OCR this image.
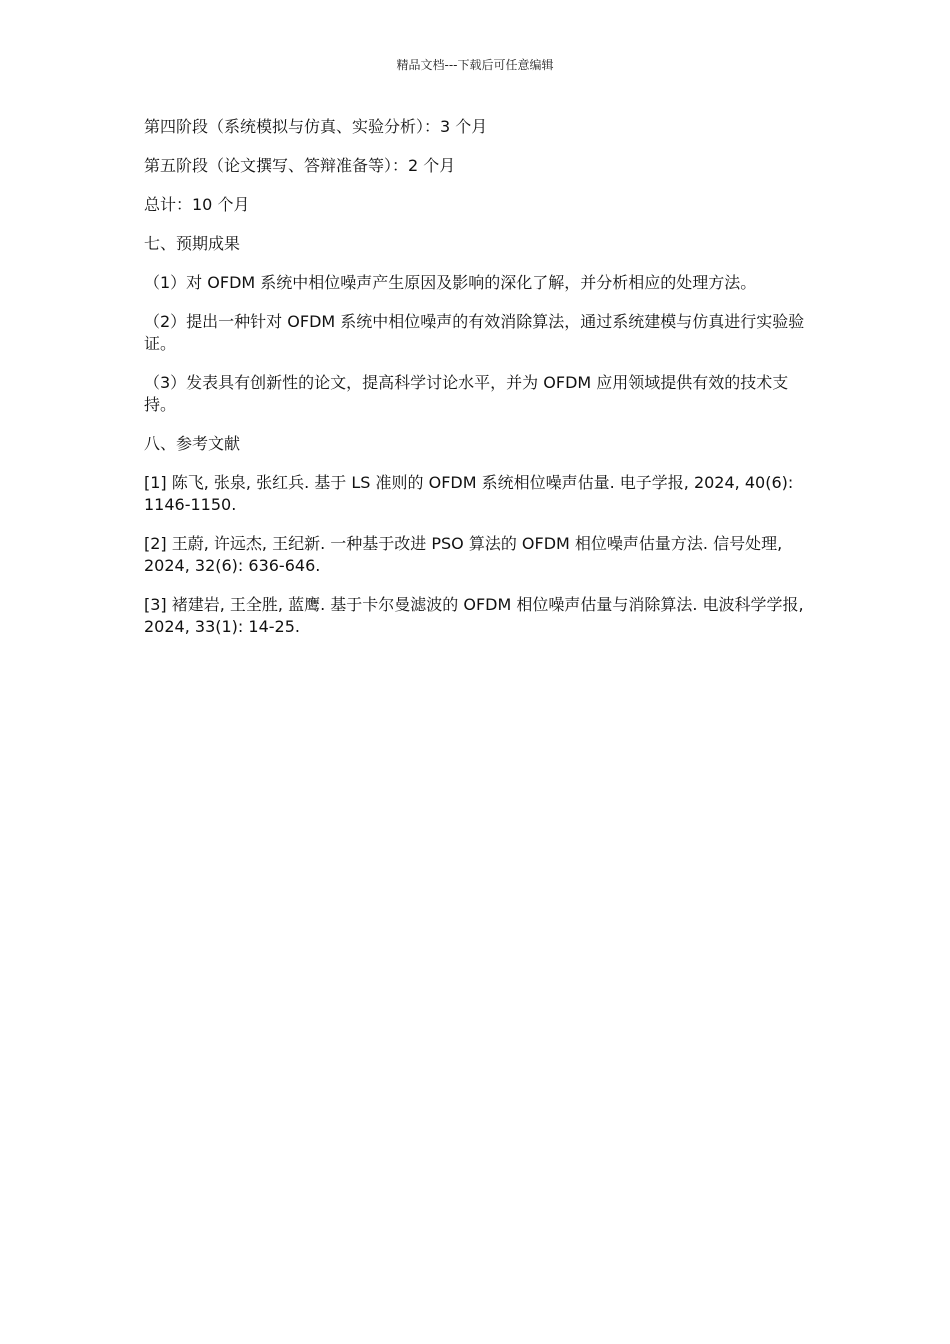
精品文档---下载后可任意编辑

第四阶段（系统模拟与仿真、实验分析）：3 个月

第五阶段（论文撰写、答辩准备等）：2 个月

总计：10 个月

七、预期成果

（1）对 OFDM 系统中相位噪声产生原因及影响的深化了解，并分析相应的处理方法。

（2）提出一种针对 OFDM 系统中相位噪声的有效消除算法，通过系统建模与仿真进行实验验证。

（3）发表具有创新性的论文，提高科学讨论水平，并为 OFDM 应用领域提供有效的技术支持。

八、参考文献

[1] 陈飞, 张泉, 张红兵. 基于 LS 准则的 OFDM 系统相位噪声估量. 电子学报, 2024, 40(6): 1146-1150.

[2] 王蔚, 许远杰, 王纪新. 一种基于改进 PSO 算法的 OFDM 相位噪声估量方法. 信号处理, 2024, 32(6): 636-646.

[3] 褚建岩, 王全胜, 蓝鹰. 基于卡尔曼滤波的 OFDM 相位噪声估量与消除算法. 电波科学学报, 2024, 33(1): 14-25.
